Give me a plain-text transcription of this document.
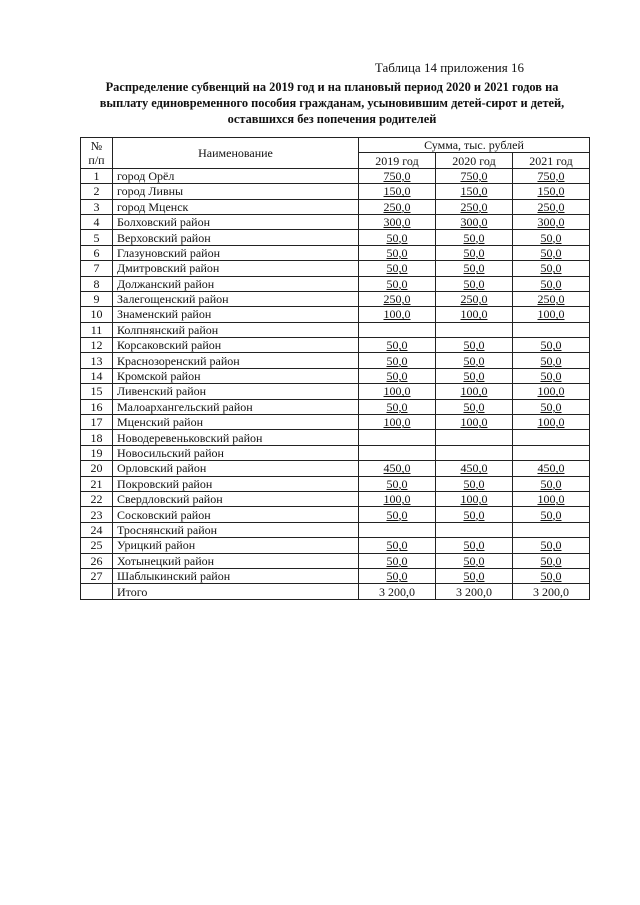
Таблица 14 приложения 16
Распределение субвенций на 2019 год и на плановый период 2020 и 2021 годов на
выплату единовременного пособия гражданам, усыновившим детей-сирот и детей,
оставшихся без попечения родителей
№
п/п	Наименование	Сумма, тыс. рублей		
		2019 год	2020 год	2021 год
1	город Орёл	750,0	750,0	750,0
2	город Ливны	150,0	150,0	150,0
3	город Мценск	250,0	250,0	250,0
4	Болховский район	300,0	300,0	300,0
5	Верховский район	50,0	50,0	50,0
6	Глазуновский район	50,0	50,0	50,0
7	Дмитровский район	50,0	50,0	50,0
8	Должанский район	50,0	50,0	50,0
9	Залегощенский район	250,0	250,0	250,0
10	Знаменский район	100,0	100,0	100,0
11	Колпнянский район			
12	Корсаковский район	50,0	50,0	50,0
13	Краснозоренский район	50,0	50,0	50,0
14	Кромской район	50,0	50,0	50,0
15	Ливенский район	100,0	100,0	100,0
16	Малоархангельский район	50,0	50,0	50,0
17	Мценский район	100,0	100,0	100,0
18	Новодеревеньковский район			
19	Новосильский район			
20	Орловский район	450,0	450,0	450,0
21	Покровский район	50,0	50,0	50,0
22	Свердловский район	100,0	100,0	100,0
23	Сосковский район	50,0	50,0	50,0
24	Троснянский район			
25	Урицкий район	50,0	50,0	50,0
26	Хотынецкий район	50,0	50,0	50,0
27	Шаблыкинский район	50,0	50,0	50,0
	Итого	3 200,0	3 200,0	3 200,0
